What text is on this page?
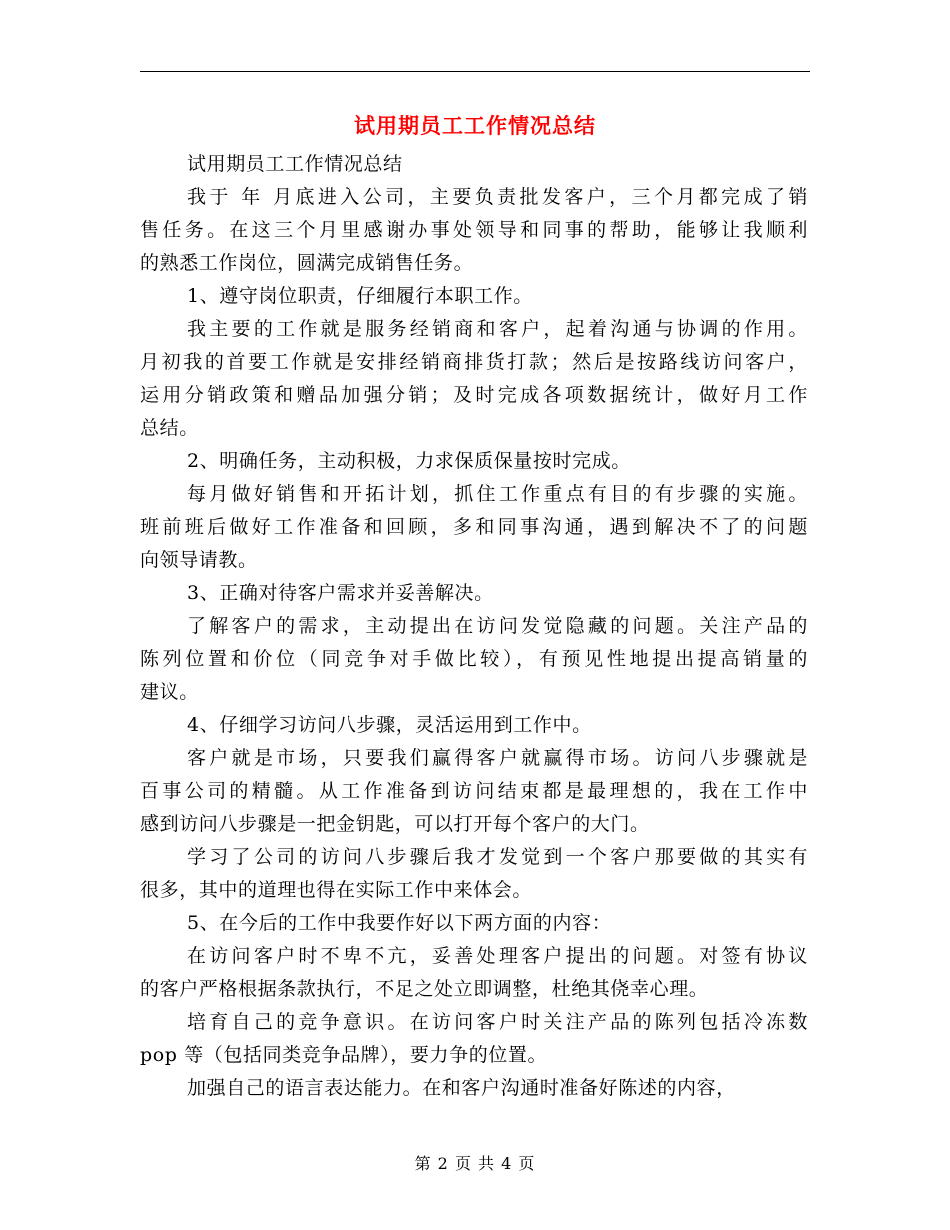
试用期员工工作情况总结
试用期员工工作情况总结
我于 年 月底进入公司，主要负责批发客户，三个月都完成了销
售任务。在这三个月里感谢办事处领导和同事的帮助，能够让我顺利
的熟悉工作岗位，圆满完成销售任务。
1、遵守岗位职责，仔细履行本职工作。
我主要的工作就是服务经销商和客户，起着沟通与协调的作用。
月初我的首要工作就是安排经销商排货打款；然后是按路线访问客户，
运用分销政策和赠品加强分销；及时完成各项数据统计，做好月工作
总结。
2、明确任务，主动积极，力求保质保量按时完成。
每月做好销售和开拓计划，抓住工作重点有目的有步骤的实施。
班前班后做好工作准备和回顾，多和同事沟通，遇到解决不了的问题
向领导请教。
3、正确对待客户需求并妥善解决。
了解客户的需求，主动提出在访问发觉隐藏的问题。关注产品的
陈列位置和价位（同竞争对手做比较），有预见性地提出提高销量的
建议。
4、仔细学习访问八步骤，灵活运用到工作中。
客户就是市场，只要我们赢得客户就赢得市场。访问八步骤就是
百事公司的精髓。从工作准备到访问结束都是最理想的，我在工作中
感到访问八步骤是一把金钥匙，可以打开每个客户的大门。
学习了公司的访问八步骤后我才发觉到一个客户那要做的其实有
很多，其中的道理也得在实际工作中来体会。
5、在今后的工作中我要作好以下两方面的内容：
在访问客户时不卑不亢，妥善处理客户提出的问题。对签有协议
的客户严格根据条款执行，不足之处立即调整，杜绝其侥幸心理。
培育自己的竞争意识。在访问客户时关注产品的陈列包括冷冻数
pop 等（包括同类竞争品牌），要力争的位置。
加强自己的语言表达能力。在和客户沟通时准备好陈述的内容，
第 2 页 共 4 页
